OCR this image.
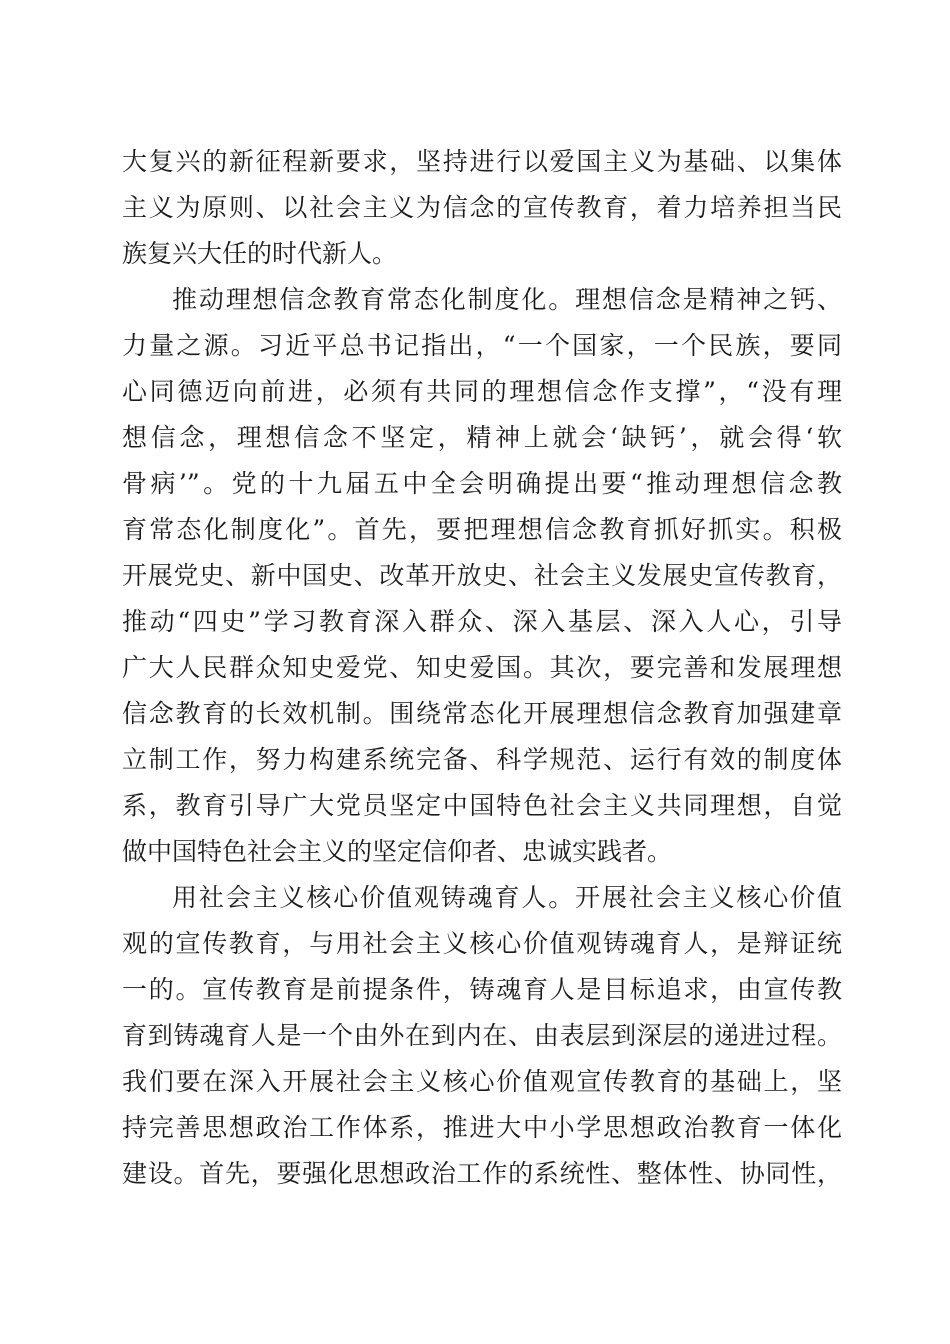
大复兴的新征程新要求，坚持进行以爱国主义为基础、以集体
主义为原则、以社会主义为信念的宣传教育，着力培养担当民
族复兴大任的时代新人。
推动理想信念教育常态化制度化。理想信念是精神之钙、
力量之源。习近平总书记指出，“一个国家，一个民族，要同
心同德迈向前进，必须有共同的理想信念作支撑”，“没有理
想信念，理想信念不坚定，精神上就会‘缺钙’，就会得‘软
骨病’”。党的十九届五中全会明确提出要“推动理想信念教
育常态化制度化”。首先，要把理想信念教育抓好抓实。积极
开展党史、新中国史、改革开放史、社会主义发展史宣传教育，
推动“四史”学习教育深入群众、深入基层、深入人心，引导
广大人民群众知史爱党、知史爱国。其次，要完善和发展理想
信念教育的长效机制。围绕常态化开展理想信念教育加强建章
立制工作，努力构建系统完备、科学规范、运行有效的制度体
系，教育引导广大党员坚定中国特色社会主义共同理想，自觉
做中国特色社会主义的坚定信仰者、忠诚实践者。
用社会主义核心价值观铸魂育人。开展社会主义核心价值
观的宣传教育，与用社会主义核心价值观铸魂育人，是辩证统
一的。宣传教育是前提条件，铸魂育人是目标追求，由宣传教
育到铸魂育人是一个由外在到内在、由表层到深层的递进过程。
我们要在深入开展社会主义核心价值观宣传教育的基础上，坚
持完善思想政治工作体系，推进大中小学思想政治教育一体化
建设。首先，要强化思想政治工作的系统性、整体性、协同性，
